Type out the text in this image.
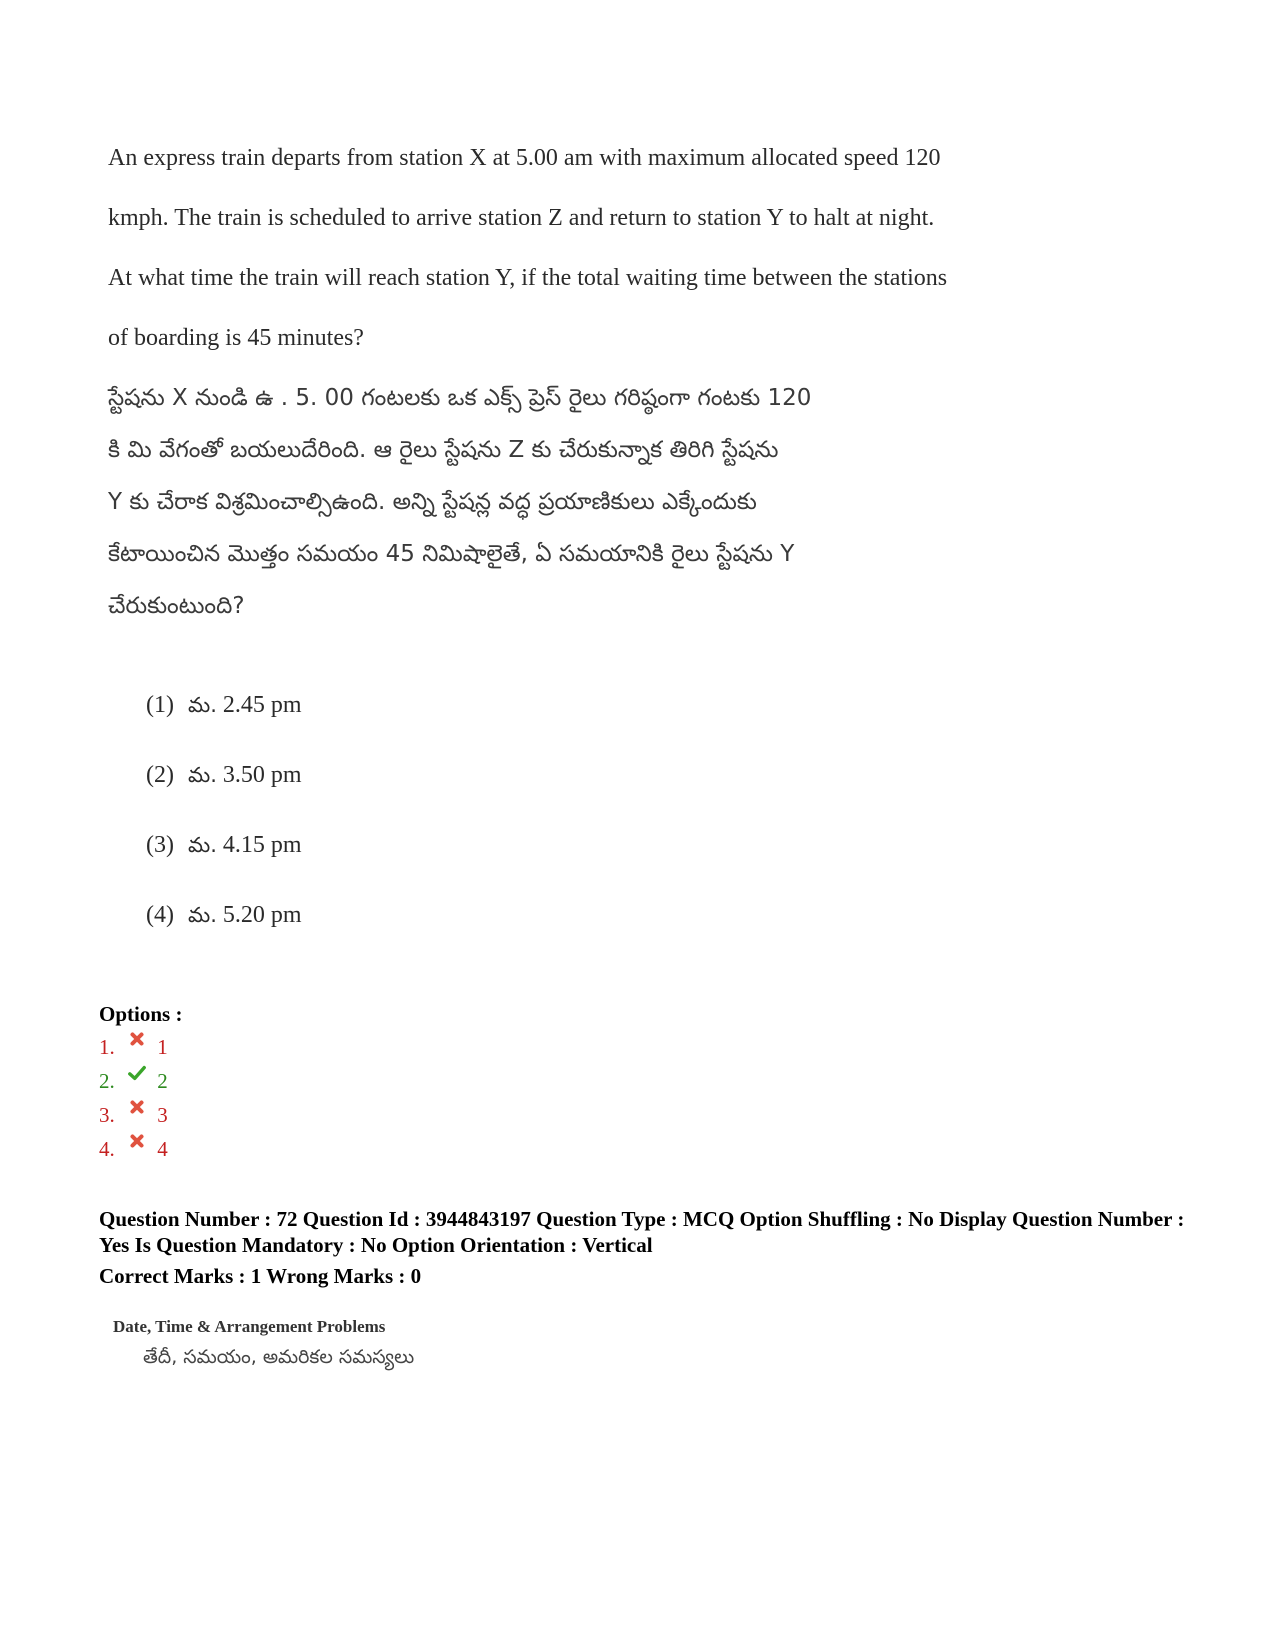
An express train departs from station X at 5.00 am with maximum allocated speed 120
kmph. The train is scheduled to arrive station Z and return to station Y to halt at night.
At what time the train will reach station Y, if the total waiting time between the stations
of boarding is 45 minutes?
స్టేషను X నుండి ఉ . 5. 00 గంటలకు ఒక ఎక్స్ ప్రెస్ రైలు గరిష్ఠంగా గంటకు 120
కి మి వేగంతో బయలుదేరింది. ఆ రైలు స్టేషను Z కు చేరుకున్నాక తిరిగి స్టేషను
Y కు చేరాక విశ్రమించాల్సిఉంది. అన్ని స్టేషన్ల వద్ధ ప్రయాణికులు ఎక్కేందుకు
కేటాయించిన మొత్తం సమయం 45 నిమిషాలైతే, ఏ సమయానికి రైలు స్టేషను Y
చేరుకుంటుంది?
(1) మ. 2.45 pm
(2) మ. 3.50 pm
(3) మ. 4.15 pm
(4) మ. 5.20 pm
Options :
1. 1
2. 2
3. 3
4. 4
Question Number : 72 Question Id : 3944843197 Question Type : MCQ Option Shuffling : No Display Question Number : Yes Is Question Mandatory : No Option Orientation : Vertical
Correct Marks : 1 Wrong Marks : 0
Date, Time & Arrangement Problems
తేదీ, సమయం, అమరికల సమస్యలు
